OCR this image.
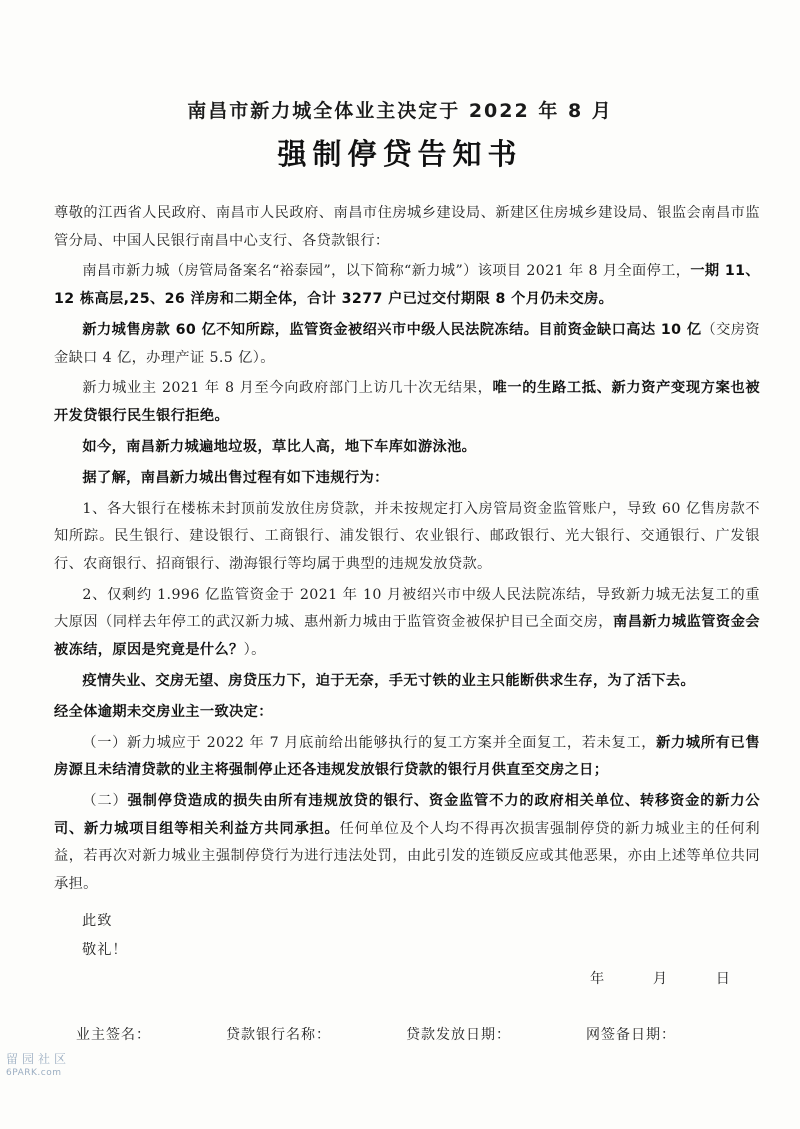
南昌市新力城全体业主决定于 2022 年 8 月
强制停贷告知书

尊敬的江西省人民政府、南昌市人民政府、南昌市住房城乡建设局、新建区住房城乡建设局、银监会南昌市监管分局、中国人民银行南昌中心支行、各贷款银行：

南昌市新力城（房管局备案名“裕泰园”，以下简称“新力城”）该项目 2021 年 8 月全面停工，一期 11、12 栋高层,25、26 洋房和二期全体，合计 3277 户已过交付期限 8 个月仍未交房。

新力城售房款 60 亿不知所踪，监管资金被绍兴市中级人民法院冻结。目前资金缺口高达 10 亿（交房资金缺口 4 亿，办理产证 5.5 亿）。

新力城业主 2021 年 8 月至今向政府部门上访几十次无结果，唯一的生路工抵、新力资产变现方案也被开发贷银行民生银行拒绝。

如今，南昌新力城遍地垃圾，草比人高，地下车库如游泳池。

据了解，南昌新力城出售过程有如下违规行为：

1、各大银行在楼栋未封顶前发放住房贷款，并未按规定打入房管局资金监管账户，导致 60 亿售房款不知所踪。民生银行、建设银行、工商银行、浦发银行、农业银行、邮政银行、光大银行、交通银行、广发银行、农商银行、招商银行、渤海银行等均属于典型的违规发放贷款。

2、仅剩约 1.996 亿监管资金于 2021 年 10 月被绍兴市中级人民法院冻结，导致新力城无法复工的重大原因（同样去年停工的武汉新力城、惠州新力城由于监管资金被保护目已全面交房，南昌新力城监管资金会被冻结，原因是究竟是什么？）。

疫情失业、交房无望、房贷压力下，迫于无奈，手无寸铁的业主只能断供求生存，为了活下去。

经全体逾期未交房业主一致决定：

（一）新力城应于 2022 年 7 月底前给出能够执行的复工方案并全面复工，若未复工，新力城所有已售房源且未结清贷款的业主将强制停止还各违规发放银行贷款的银行月供直至交房之日；

（二）强制停贷造成的损失由所有违规放贷的银行、资金监管不力的政府相关单位、转移资金的新力公司、新力城项目组等相关利益方共同承担。任何单位及个人均不得再次损害强制停贷的新力城业主的任何利益，若再次对新力城业主强制停贷行为进行违法处罚，由此引发的连锁反应或其他恶果，亦由上述等单位共同承担。

此致
敬礼！
年	月	日
业主签名：	贷款银行名称：	贷款发放日期：	网签备日期：
留园社区
6PARK.com
